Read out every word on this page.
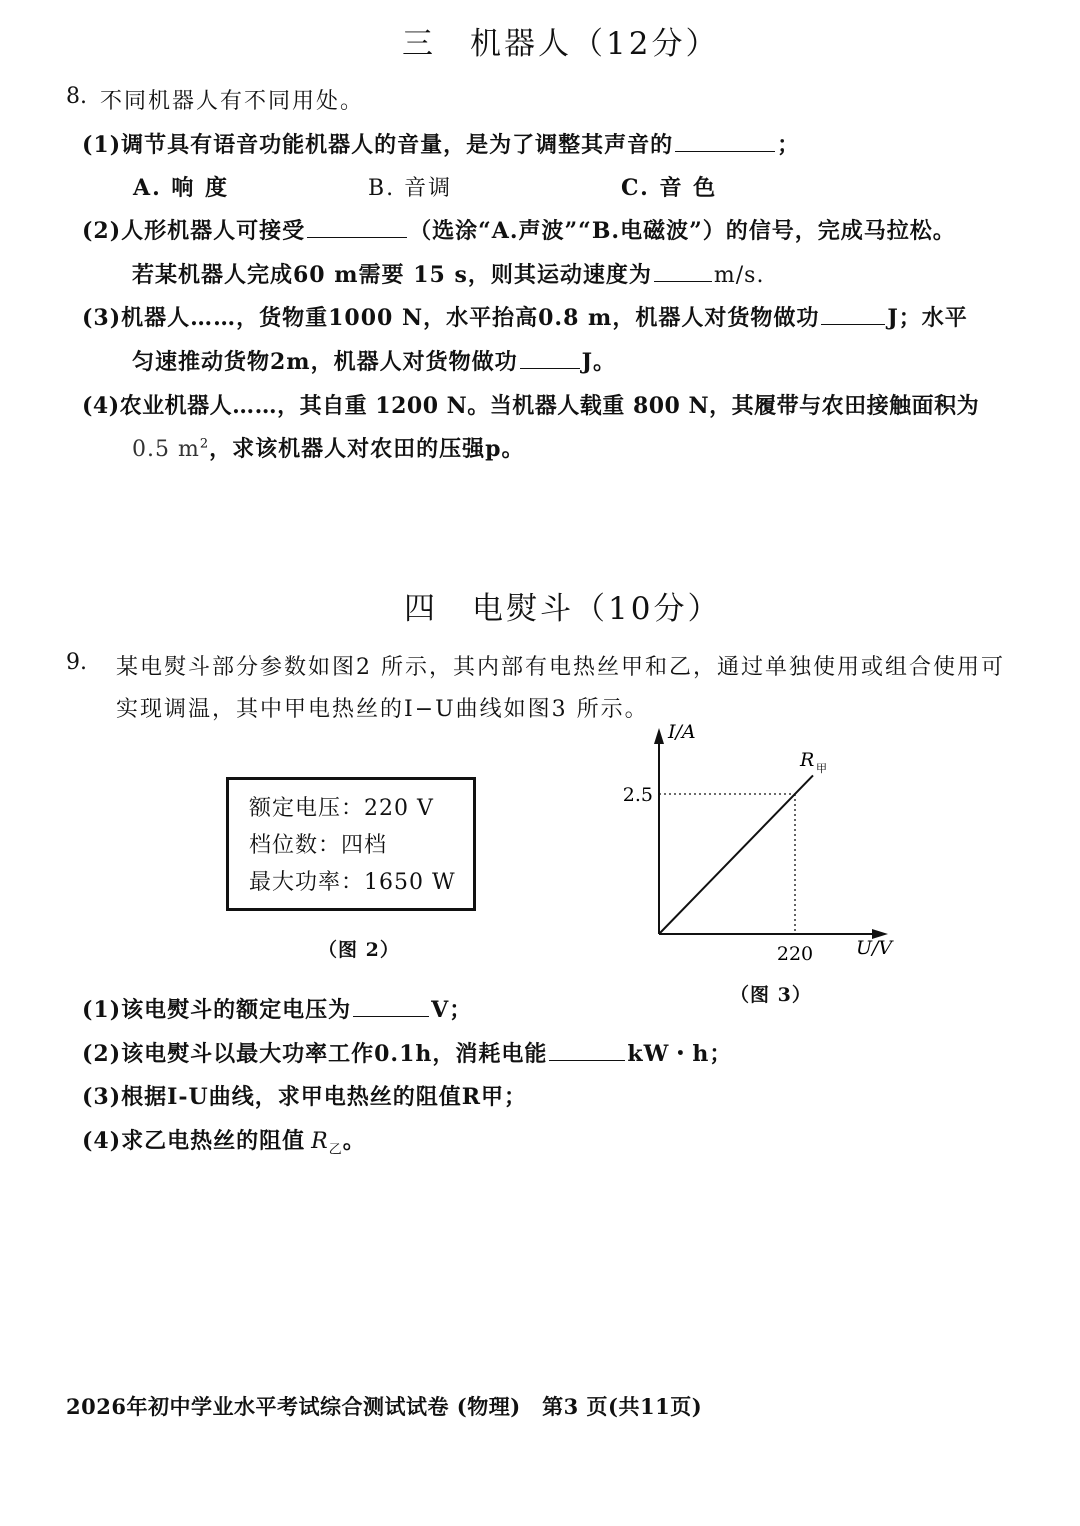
三　机器人（12分）
8. 不同机器人有不同用处。
(1)调节具有语音功能机器人的音量，是为了调整其声音的	；
A. 响 度	B. 音调	C. 音 色
(2)人形机器人可接受	（选涂“A.声波”“B.电磁波”）的信号，完成马拉松。
若某机器人完成60 m需要 15 s，则其运动速度为	m/s.
(3)机器人……，货物重1000 N，水平抬高0.8 m，机器人对货物做功	J；水平
匀速推动货物2m，机器人对货物做功	J。
(4)农业机器人……，其自重 1200 N。当机器人载重 800 N，其履带与农田接触面积为
0.5 $m^2$，求该机器人对农田的压强p。
四　电熨斗（10分）
9. 某电熨斗部分参数如图2 所示，其内部有电热丝甲和乙，通过单独使用或组合使用可
实现调温，其中甲电热丝的I−U曲线如图3 所示。
额定电压：220 V
档位数：四档
最大功率：1650 W
（图 2）
I/A
U/V
2.5
220
R 甲
（图 3）
(1)该电熨斗的额定电压为	V；
(2)该电熨斗以最大功率工作0.1h，消耗电能	kW・h；
(3)根据I-U曲线，求甲电热丝的阻值R甲；
(4)求乙电热丝的阻值 $R_乙$。
2026年初中学业水平考试综合测试试卷 (物理)　第3 页(共11页)
